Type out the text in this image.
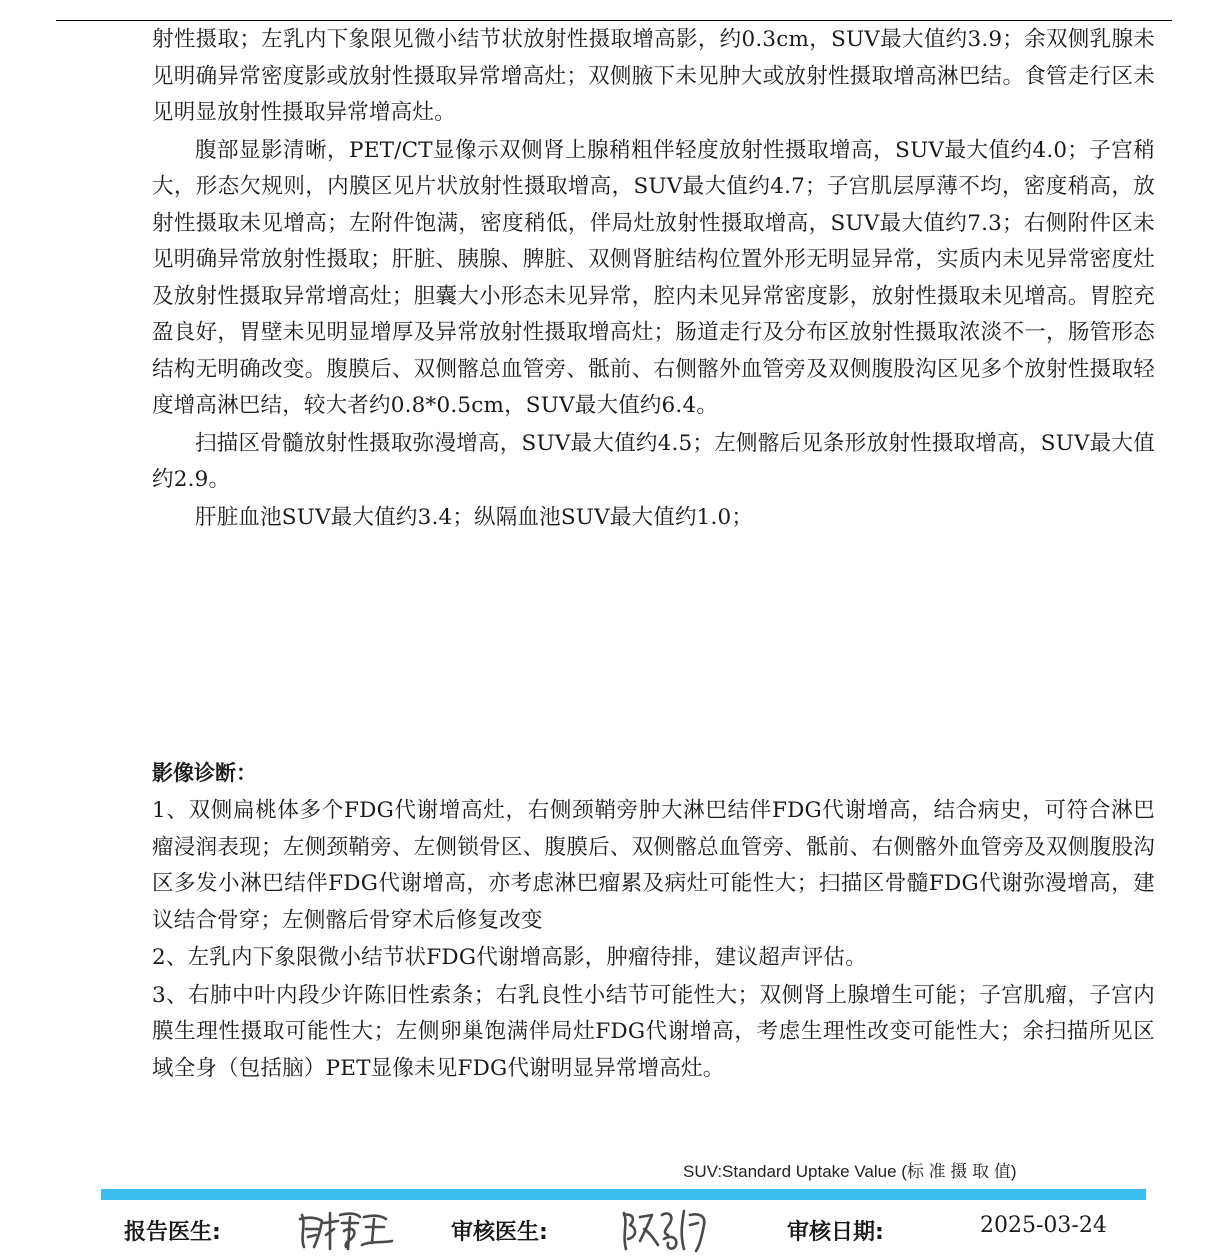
射性摄取；左乳内下象限见微小结节状放射性摄取增高影，约0.3cm，SUV最大值约3.9；余双侧乳腺未见明确异常密度影或放射性摄取异常增高灶；双侧腋下未见肿大或放射性摄取增高淋巴结。食管走行区未见明显放射性摄取异常增高灶。

腹部显影清晰，PET/CT显像示双侧肾上腺稍粗伴轻度放射性摄取增高，SUV最大值约4.0；子宫稍大，形态欠规则，内膜区见片状放射性摄取增高，SUV最大值约4.7；子宫肌层厚薄不均，密度稍高，放射性摄取未见增高；左附件饱满，密度稍低，伴局灶放射性摄取增高，SUV最大值约7.3；右侧附件区未见明确异常放射性摄取；肝脏、胰腺、脾脏、双侧肾脏结构位置外形无明显异常，实质内未见异常密度灶及放射性摄取异常增高灶；胆囊大小形态未见异常，腔内未见异常密度影，放射性摄取未见增高。胃腔充盈良好，胃壁未见明显增厚及异常放射性摄取增高灶；肠道走行及分布区放射性摄取浓淡不一，肠管形态结构无明确改变。腹膜后、双侧髂总血管旁、骶前、右侧髂外血管旁及双侧腹股沟区见多个放射性摄取轻度增高淋巴结，较大者约0.8*0.5cm，SUV最大值约6.4。

扫描区骨髓放射性摄取弥漫增高，SUV最大值约4.5；左侧髂后见条形放射性摄取增高，SUV最大值约2.9。

肝脏血池SUV最大值约3.4；纵隔血池SUV最大值约1.0；

影像诊断：

1、双侧扁桃体多个FDG代谢增高灶，右侧颈鞘旁肿大淋巴结伴FDG代谢增高，结合病史，可符合淋巴瘤浸润表现；左侧颈鞘旁、左侧锁骨区、腹膜后、双侧髂总血管旁、骶前、右侧髂外血管旁及双侧腹股沟区多发小淋巴结伴FDG代谢增高，亦考虑淋巴瘤累及病灶可能性大；扫描区骨髓FDG代谢弥漫增高，建议结合骨穿；左侧髂后骨穿术后修复改变

2、左乳内下象限微小结节状FDG代谢增高影，肿瘤待排，建议超声评估。

3、右肺中叶内段少许陈旧性索条；右乳良性小结节可能性大；双侧肾上腺增生可能；子宫肌瘤，子宫内膜生理性摄取可能性大；左侧卵巢饱满伴局灶FDG代谢增高，考虑生理性改变可能性大；余扫描所见区域全身（包括脑）PET显像未见FDG代谢明显异常增高灶。

SUV:Standard Uptake Value (标 准 摄 取 值)
报告医生:	审核医生:	审核日期:	2025-03-24
